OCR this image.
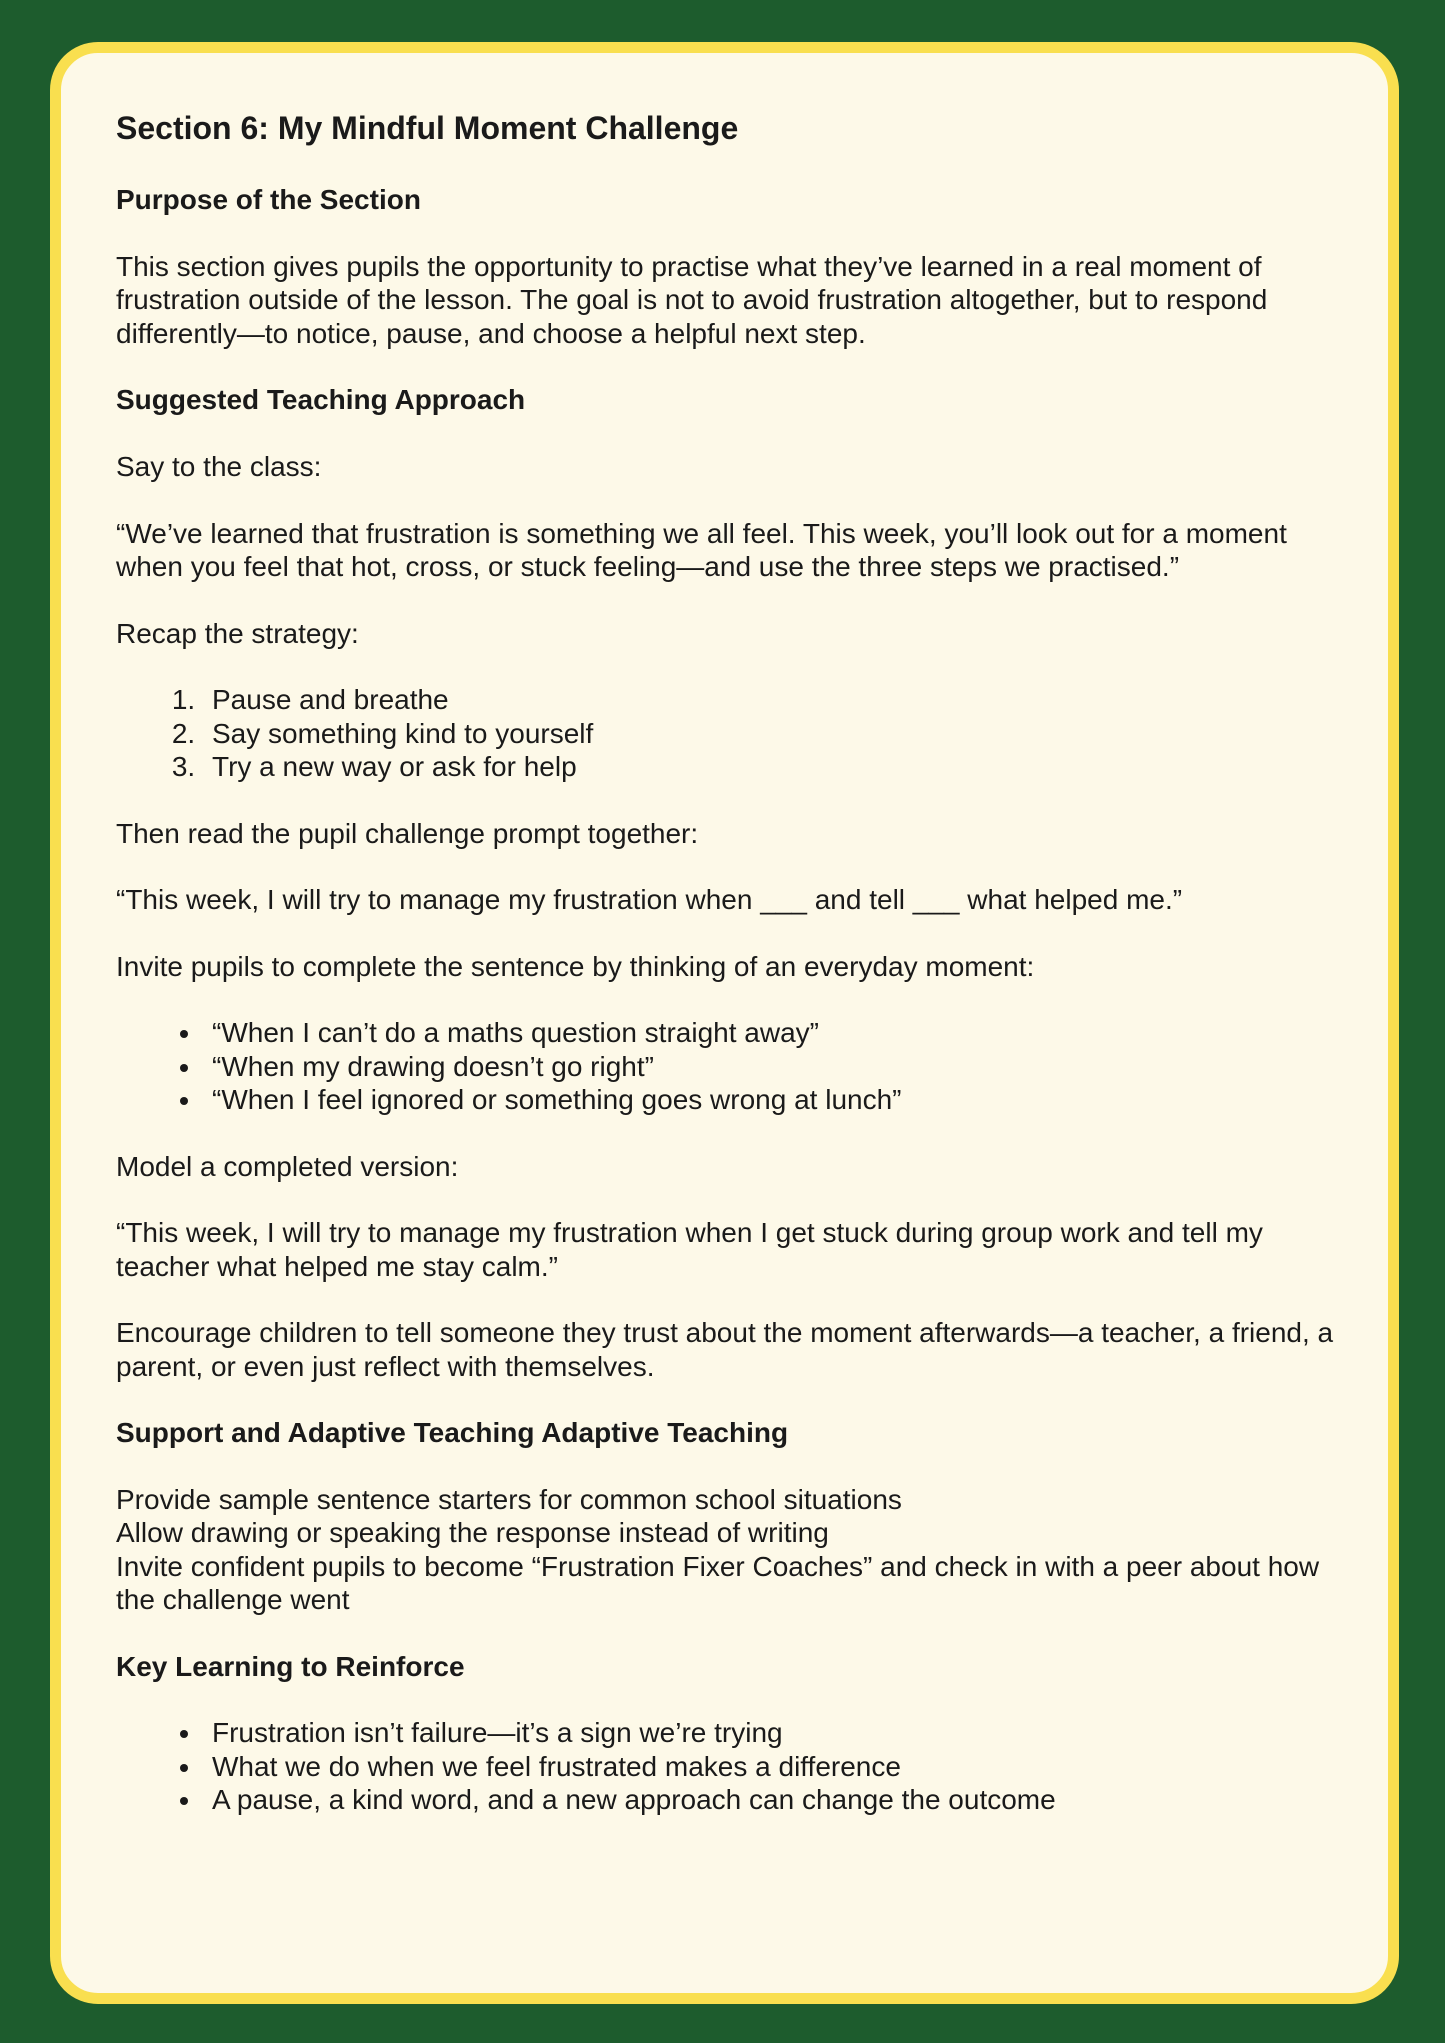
Section 6: My Mindful Moment Challenge
Purpose of the Section

This section gives pupils the opportunity to practise what they’ve learned in a real moment of frustration outside of the lesson. The goal is not to avoid frustration altogether, but to respond differently—to notice, pause, and choose a helpful next step.

Suggested Teaching Approach

Say to the class:

“We’ve learned that frustration is something we all feel. This week, you’ll look out for a moment when you feel that hot, cross, or stuck feeling—and use the three steps we practised.”

Recap the strategy:

1. Pause and breathe
2. Say something kind to yourself
3. Try a new way or ask for help

Then read the pupil challenge prompt together:

“This week, I will try to manage my frustration when ___ and tell ___ what helped me.”

Invite pupils to complete the sentence by thinking of an everyday moment:

• “When I can’t do a maths question straight away”
• “When my drawing doesn’t go right”
• “When I feel ignored or something goes wrong at lunch”

Model a completed version:

“This week, I will try to manage my frustration when I get stuck during group work and tell my teacher what helped me stay calm.”

Encourage children to tell someone they trust about the moment afterwards—a teacher, a friend, a parent, or even just reflect with themselves.

Support and Adaptive Teaching Adaptive Teaching

Provide sample sentence starters for common school situations

Allow drawing or speaking the response instead of writing

Invite confident pupils to become “Frustration Fixer Coaches” and check in with a peer about how the challenge went

Key Learning to Reinforce
• Frustration isn’t failure—it’s a sign we’re trying
• What we do when we feel frustrated makes a difference
• A pause, a kind word, and a new approach can change the outcome
